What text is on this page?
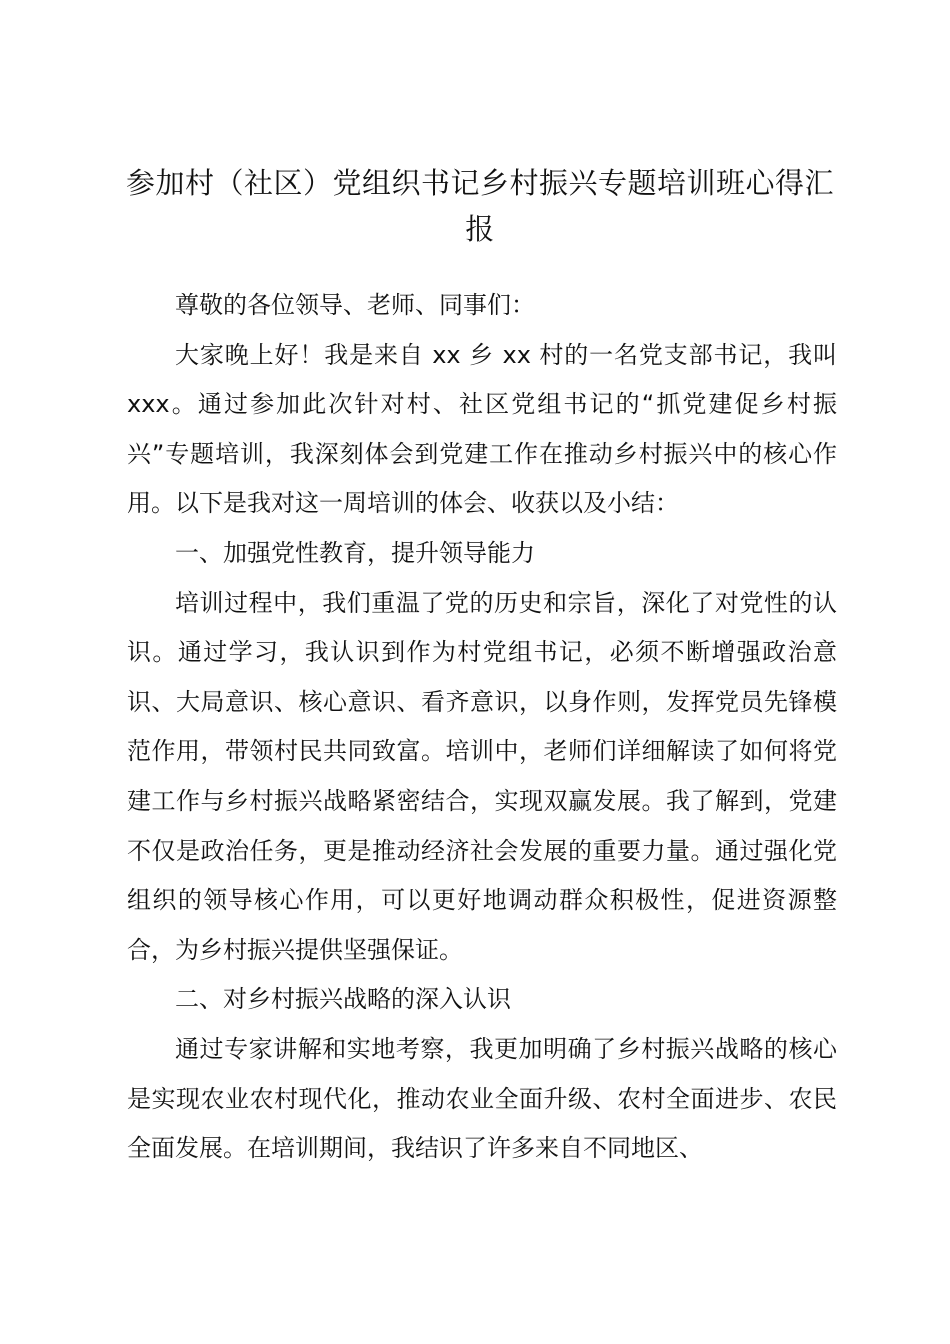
参加村（社区）党组织书记乡村振兴专题培训班心得汇报

尊敬的各位领导、老师、同事们：

大家晚上好！我是来自 xx 乡 xx 村的一名党支部书记，我叫 xxx。通过参加此次针对村、社区党组书记的“抓党建促乡村振兴”专题培训，我深刻体会到党建工作在推动乡村振兴中的核心作用。以下是我对这一周培训的体会、收获以及小结：

一、加强党性教育，提升领导能力

培训过程中，我们重温了党的历史和宗旨，深化了对党性的认识。通过学习，我认识到作为村党组书记，必须不断增强政治意识、大局意识、核心意识、看齐意识，以身作则，发挥党员先锋模范作用，带领村民共同致富。培训中，老师们详细解读了如何将党建工作与乡村振兴战略紧密结合，实现双赢发展。我了解到，党建不仅是政治任务，更是推动经济社会发展的重要力量。通过强化党组织的领导核心作用，可以更好地调动群众积极性，促进资源整合，为乡村振兴提供坚强保证。

二、对乡村振兴战略的深入认识

通过专家讲解和实地考察，我更加明确了乡村振兴战略的核心是实现农业农村现代化，推动农业全面升级、农村全面进步、农民全面发展。在培训期间，我结识了许多来自不同地区、
